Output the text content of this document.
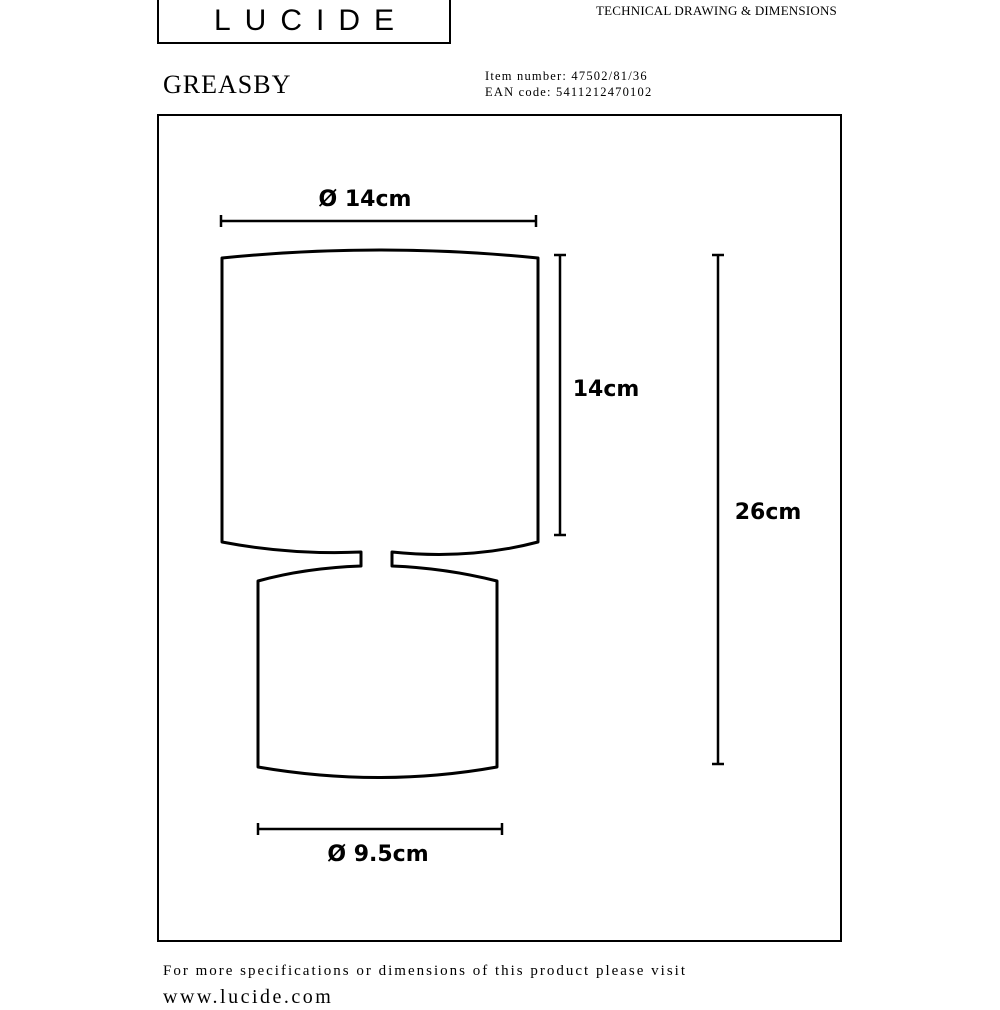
LUCIDE	TECHNICAL DRAWING & DIMENSIONS
GREASBY	Item number: 47502/81/36
EAN code: 5411212470102
Ø 14cm
14cm
26cm
Ø 9.5cm
For more specifications or dimensions of this product please visit
www.lucide.com
